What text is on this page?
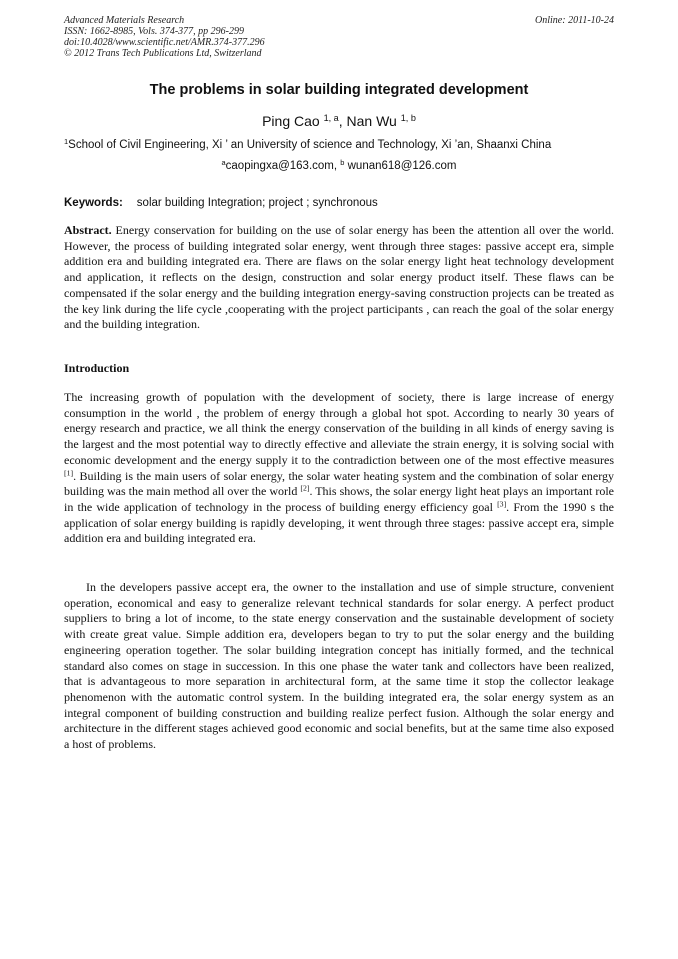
Advanced Materials Research
ISSN: 1662-8985, Vols. 374-377, pp 296-299
doi:10.4028/www.scientific.net/AMR.374-377.296
© 2012 Trans Tech Publications Ltd, Switzerland
Online: 2011-10-24
The problems in solar building integrated development
Ping Cao $^{1, a}$, Nan Wu $^{1, b}$
$^1$School of Civil Engineering, Xi ’ an University of science and Technology, Xi ’an, Shaanxi China
$^a$caopingxa@163.com, $^b$ wunan618@126.com
Keywords: solar building Integration; project ; synchronous

Abstract. Energy conservation for building on the use of solar energy has been the attention all over the world. However, the process of building integrated solar energy, went through three stages: passive accept era, simple addition era and building integrated era. There are flaws on the solar energy light heat technology development and application, it reflects on the design, construction and solar energy product itself. These flaws can be compensated if the solar energy and the building integration energy-saving construction projects can be treated as the key link during the life cycle ,cooperating with the project participants , can reach the goal of the solar energy and the building integration.

Introduction

The increasing growth of population with the development of society, there is large increase of energy consumption in the world , the problem of energy through a global hot spot. According to nearly 30 years of energy research and practice, we all think the energy conservation of the building in all kinds of energy saving is the largest and the most potential way to directly effective and alleviate the strain energy, it is solving social with economic development and the energy supply it to the contradiction between one of the most effective measures [1]. Building is the main users of solar energy, the solar water heating system and the combination of solar energy building was the main method all over the world [2]. This shows, the solar energy light heat plays an important role in the wide application of technology in the process of building energy efficiency goal [3]. From the 1990 s the application of solar energy building is rapidly developing, it went through three stages: passive accept era, simple addition era and building integrated era.

In the developers passive accept era, the owner to the installation and use of simple structure, convenient operation, economical and easy to generalize relevant technical standards for solar energy. A perfect product suppliers to bring a lot of income, to the state energy conservation and the sustainable development of society with create great value. Simple addition era, developers began to try to put the solar energy and the building engineering operation together. The solar building integration concept has initially formed, and the technical standard also comes on stage in succession. In this one phase the water tank and collectors have been realized, that is advantageous to more separation in architectural form, at the same time it stop the collector leakage phenomenon with the automatic control system. In the building integrated era, the solar energy system as an integral component of building construction and building realize perfect fusion. Although the solar energy and architecture in the different stages achieved good economic and social benefits, but at the same time also exposed a host of problems.
